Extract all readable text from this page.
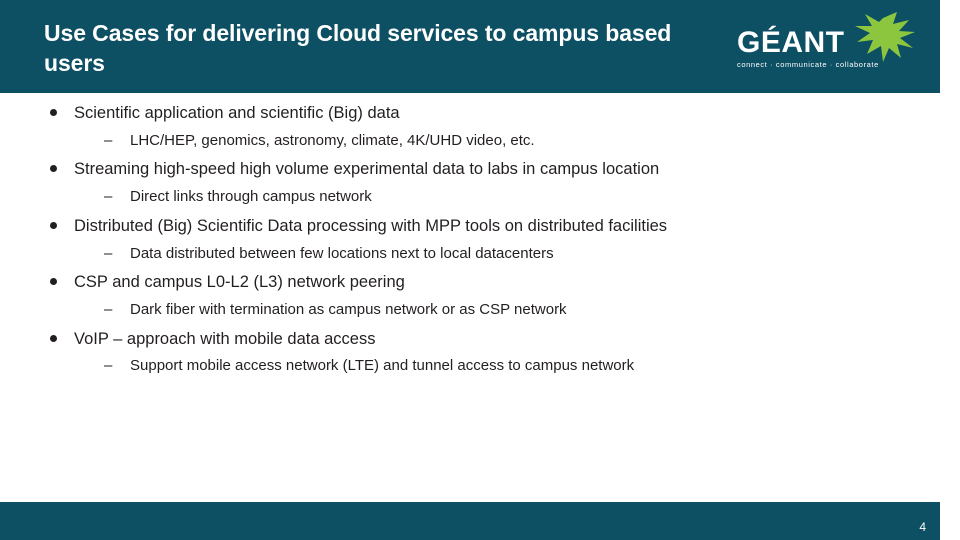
Use Cases for delivering Cloud services to campus based users
GÉANT
connect · communicate · collaborate
Scientific application and scientific (Big) data
– LHC/HEP, genomics, astronomy, climate, 4K/UHD video, etc.
Streaming high-speed high volume experimental data to labs in campus location
– Direct links through campus network
Distributed (Big) Scientific Data processing with MPP tools on distributed facilities
– Data distributed between few locations next to local datacenters
CSP and campus L0-L2 (L3) network peering
– Dark fiber with termination as campus network or as CSP network
VoIP – approach with mobile data access
– Support mobile access network (LTE) and tunnel access to campus network
4
